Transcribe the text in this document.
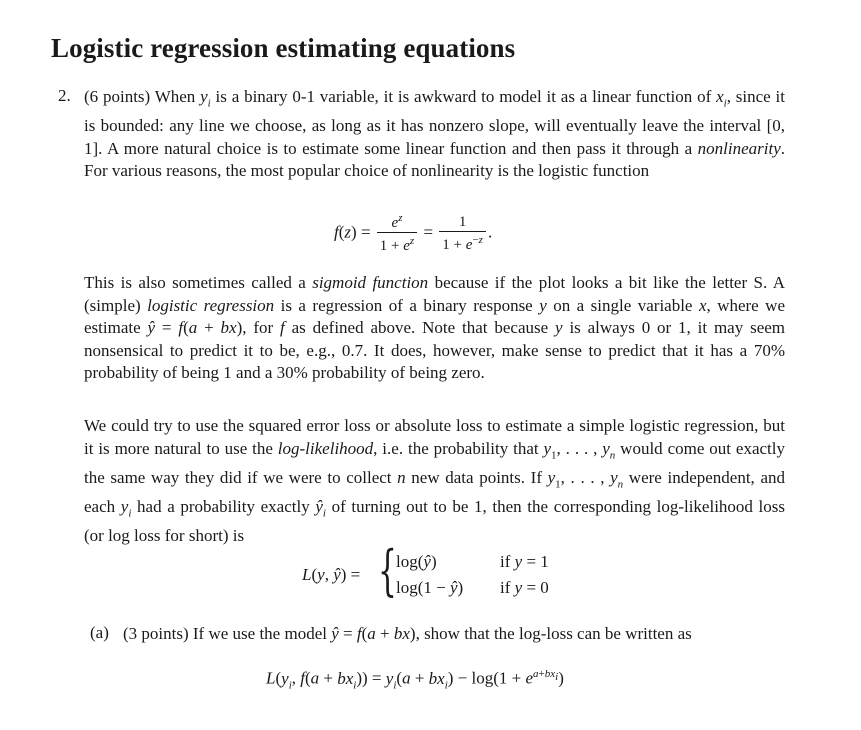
Logistic regression estimating equations
2. (6 points) When $y_i$ is a binary 0-1 variable, it is awkward to model it as a linear function of $x_i$, since it is bounded: any line we choose, as long as it has nonzero slope, will eventually leave the interval [0, 1]. A more natural choice is to estimate some linear function and then pass it through a nonlinearity. For various reasons, the most popular choice of nonlinearity is the logistic function

$f(z) = \frac{e^z}{1 + e^z} = \frac{1}{1 + e^{-z}}$ .

This is also sometimes called a sigmoid function because if the plot looks a bit like the letter S. A (simple) logistic regression is a regression of a binary response y on a single variable x, where we estimate ŷ = f(a + bx), for f as defined above. Note that because y is always 0 or 1, it may seem nonsensical to predict it to be, e.g., 0.7. It does, however, make sense to predict that it has a 70% probability of being 1 and a 30% probability of being zero.

We could try to use the squared error loss or absolute loss to estimate a simple logistic regression, but it is more natural to use the log-likelihood, i.e. the probability that $y_1$, . . . , $y_n$ would come out exactly the same way they did if we were to collect n new data points. If $y_1$, . . . , $y_n$ were independent, and each $y_i$ had a probability exactly $ŷ_i$ of turning out to be 1, then the corresponding log-likelihood loss (or log loss for short) is

L(y, ŷ) = { log(ŷ)	if y = 1
log(1 − ŷ) if y = 0
(a) (3 points) If we use the model ŷ = f(a + bx), show that the log-loss can be written as

$L(y_i$, $f(a + bx_i)) = y_i(a + bx_i) - \log(1 + e^{a+bx_i})$
